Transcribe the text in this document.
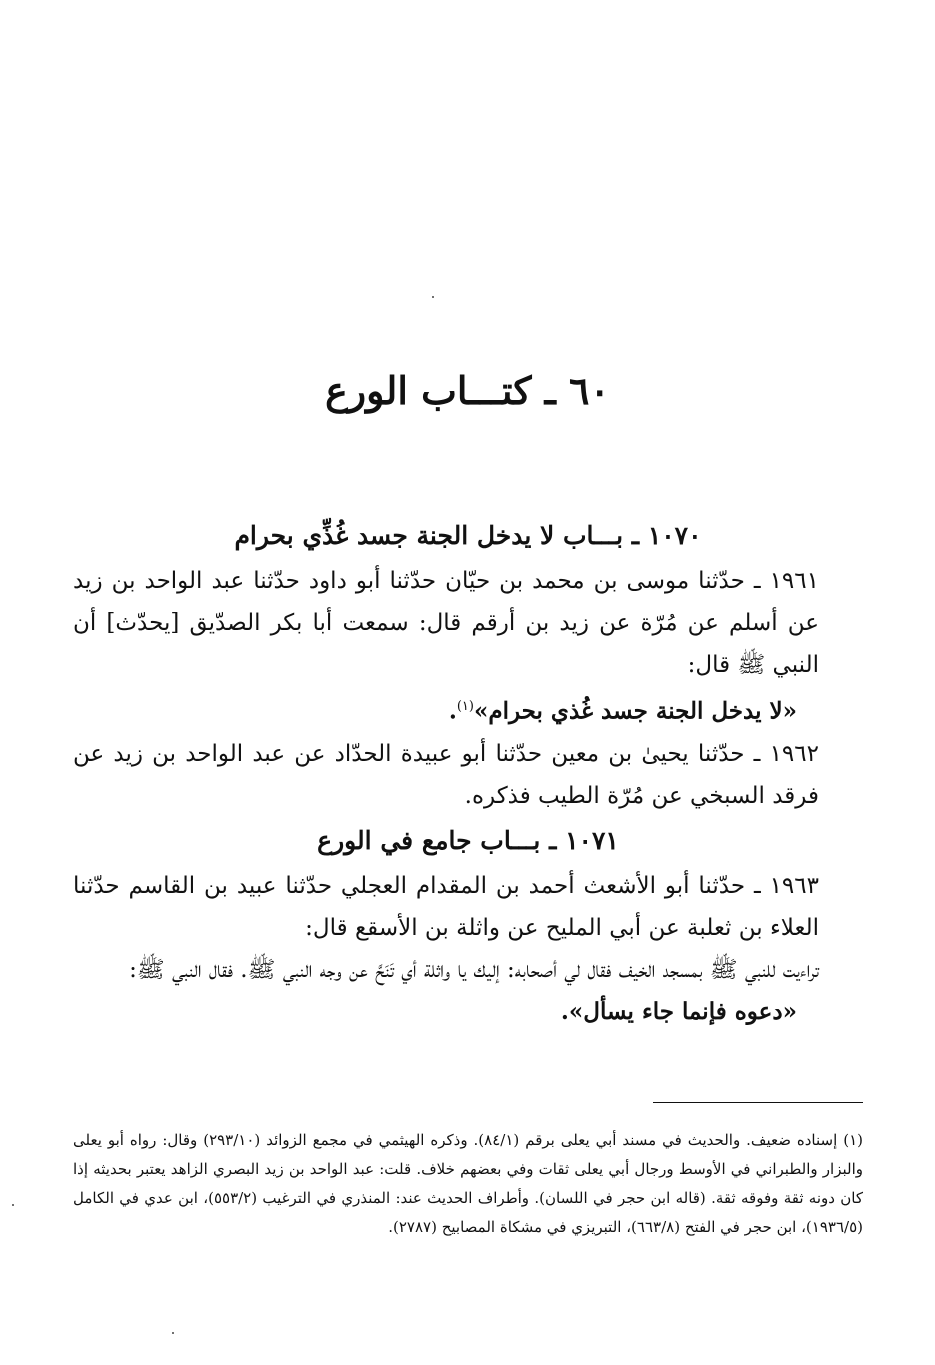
٦٠ ـ كتـــاب الورع

١٠٧٠ ـ بـــاب لا يدخل الجنة جسد غُذِّي بحرام

١٩٦١ ـ حدّثنا موسى بن محمد بن حيّان حدّثنا أبو داود حدّثنا عبد الواحد بن زيد عن أسلم عن مُرّة عن زيد بن أرقم قال: سمعت أبا بكر الصدّيق [يحدّث] أن النبي ﷺ قال:

«لا يدخل الجنة جسد غُذي بحرام»$^{(١)}$.

١٩٦٢ ـ حدّثنا يحيىٰ بن معين حدّثنا أبو عبيدة الحدّاد عن عبد الواحد بن زيد عن فرقد السبخي عن مُرّة الطيب فذكره.

١٠٧١ ـ بـــاب جامع في الورع

١٩٦٣ ـ حدّثنا أبو الأشعث أحمد بن المقدام العجلي حدّثنا عبيد بن القاسم حدّثنا العلاء بن ثعلبة عن أبي المليح عن واثلة بن الأسقع قال:

تراءيت للنبي ﷺ بمسجد الخيف فقال لي أصحابه: إليك يا واثلة أي تَنَحَّ عن وجه النبي ﷺ. فقال النبي ﷺ:

«دعوه فإنما جاء يسأل».

(١) إسناده ضعيف. والحديث في مسند أبي يعلى برقم (٨٤/١). وذكره الهيثمي في مجمع الزوائد (٢٩٣/١٠) وقال: رواه أبو يعلى والبزار والطبراني في الأوسط ورجال أبي يعلى ثقات وفي بعضهم خلاف. قلت: عبد الواحد بن زيد البصري الزاهد يعتبر بحديثه إذا كان دونه ثقة وفوقه ثقة. (قاله ابن حجر في اللسان). وأطراف الحديث عند: المنذري في الترغيب (٥٥٣/٢)، ابن عدي في الكامل (١٩٣٦/٥)، ابن حجر في الفتح (٦٦٣/٨)، التبريزي في مشكاة المصابيح (٢٧٨٧).
